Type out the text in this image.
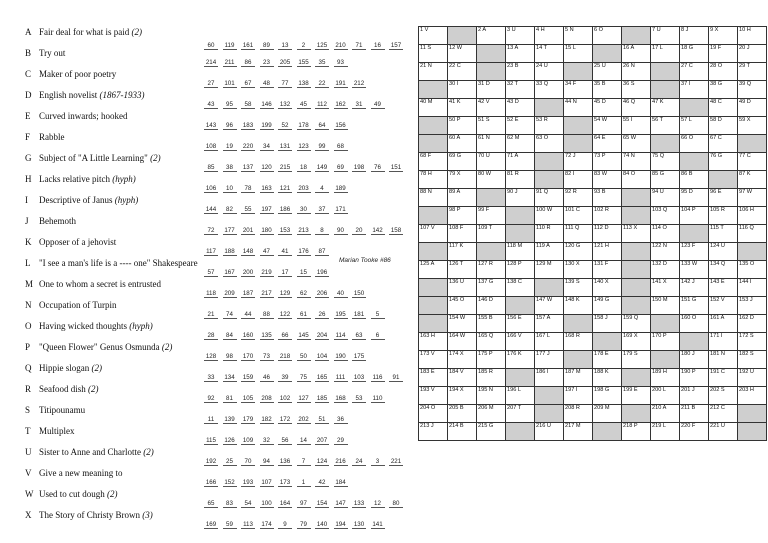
A Fair deal for what is paid (2)
60	119	161	89	13	2	125 210	71	16	157
B Try out
214	211	86	23	205 155	35	93
C Maker of poor poetry
27	101	67	48	77	138	22	191 212
D English novelist (1867-1933)
43	95	58	146 132	45	112	162	31	49
E Curved inwards; hooked
143	96	183 199	52	178	64	156
F Rabble
108	19	220	34	131 123	99	68
G Subject of "A Little Learning" (2)
85	38	137 120 215	18	149	69	198	76	151
H Lacks relative pitch (hyph)
106	10	78	163 121 203	4	189
I Descriptive of Janus (hyph)
144	82	55	197 186	30	37	171
J Behemoth
72	177 201 180 153 213	8	90	20	142 158
K Opposer of a jehovist
117	188 148	47	41	176	87
L "I see a man's life is a ---- one" Shakespeare
57	167 200 219	17	15	196
M One to whom a secret is entrusted
118	209 187 217 129	62	206	40	150
N Occupation of Turpin
21	74	44	88	122	61	26	195 181	5
O Having wicked thoughts (hyph)
28	84	160 135	66	145 204	114	63	6
P "Queen Flower" Genus Osmunda (2)
128	98	170	73	218	50	104 190 175
Q Hippie slogan (2)
33	134 159	46	39	75	165	111	103	116	91
R Seafood dish (2)
92	81	105 208 102 127 185 168	53	110
S Titipounamu
11	139 179 182 172 202	51	36
T Multiplex
115	126 109	32	56	14	207	29
U Sister to Anne and Charlotte (2)
192	25	70	94	136	7	124 216	24	3	221
V Give a new meaning to
166 152 193 107 173	1	42	184
W Used to cut dough (2)
65	83	54	100 164	97	154 147 133	12	80
X The Story of Christy Brown (3)
169	59	113	174	9	79	140 194 130 141
Marian Tooke #86
1 V		2 A	3 U	4 H	5 N	6 O		7 U	8 J	9 X	10 H

11 S	12 W		13 A	14 T	15 L		16 A	17 L	18 G	19 F	20 J

21 N	22 C		23 B	24 U		25 U	26 N		27 C	28 O	29 T

	30 I	31 D	32 T	33 Q	34 F	35 B	36 S		37 I	38 G	39 Q

40 M	41 K	42 V	43 D		44 N	45 D	46 Q	47 K		48 C	49 D

	50 P	51 S	52 E	53 R		54 W	55 I	56 T	57 L	58 D	59 X

	60 A	61 N	62 M	63 O		64 E	65 W		66 O	67 C	

68 F	69 G	70 U	71 A		72 J	73 P	74 N	75 Q		76 G	77 C

78 H	79 X	80 W	81 R		82 I	83 W	84 O	85 G	86 B		87 K

88 N	89 A		90 J	91 Q	92 R	93 B		94 U	95 D	96 E	97 W

	98 P	99 F		100 W	101 C	102 R		103 Q	104 P	105 R	106 H

107 V	108 F	109 T		110 R	111 Q	112 D	113 X	114 O		115 T	116 Q

	117 K		118 M	119 A	120 G	121 H		122 N	123 F	124 U	

125 A	126 T	127 R	128 P	129 M	130 X	131 F		132 D	133 W	134 Q	135 O

	136 U	137 G	138 C		139 S	140 X		141 X	142 J	143 E	144 I

	145 O	146 D		147 W	148 K	149 G		150 M	151 G	152 V	153 J

	154 W	155 B	156 E	157 A		158 J	159 Q		160 O	161 A	162 D

163 H	164 W	165 Q	166 V	167 L	168 R		169 X	170 P		171 I	172 S

173 V	174 X	175 P	176 K	177 J		178 E	179 S		180 J	181 N	182 S

183 E	184 V	185 R		186 I	187 M	188 K		189 H	190 P	191 C	192 U

193 V	194 X	195 N	196 L		197 I	198 G	199 E	200 L	201 J	202 S	203 H

204 O	205 B	206 M	207 T		208 R	209 M		210 A	211 B	212 C	

213 J	214 B	215 G		216 U	217 M		218 P	219 L	220 F	221 U	
